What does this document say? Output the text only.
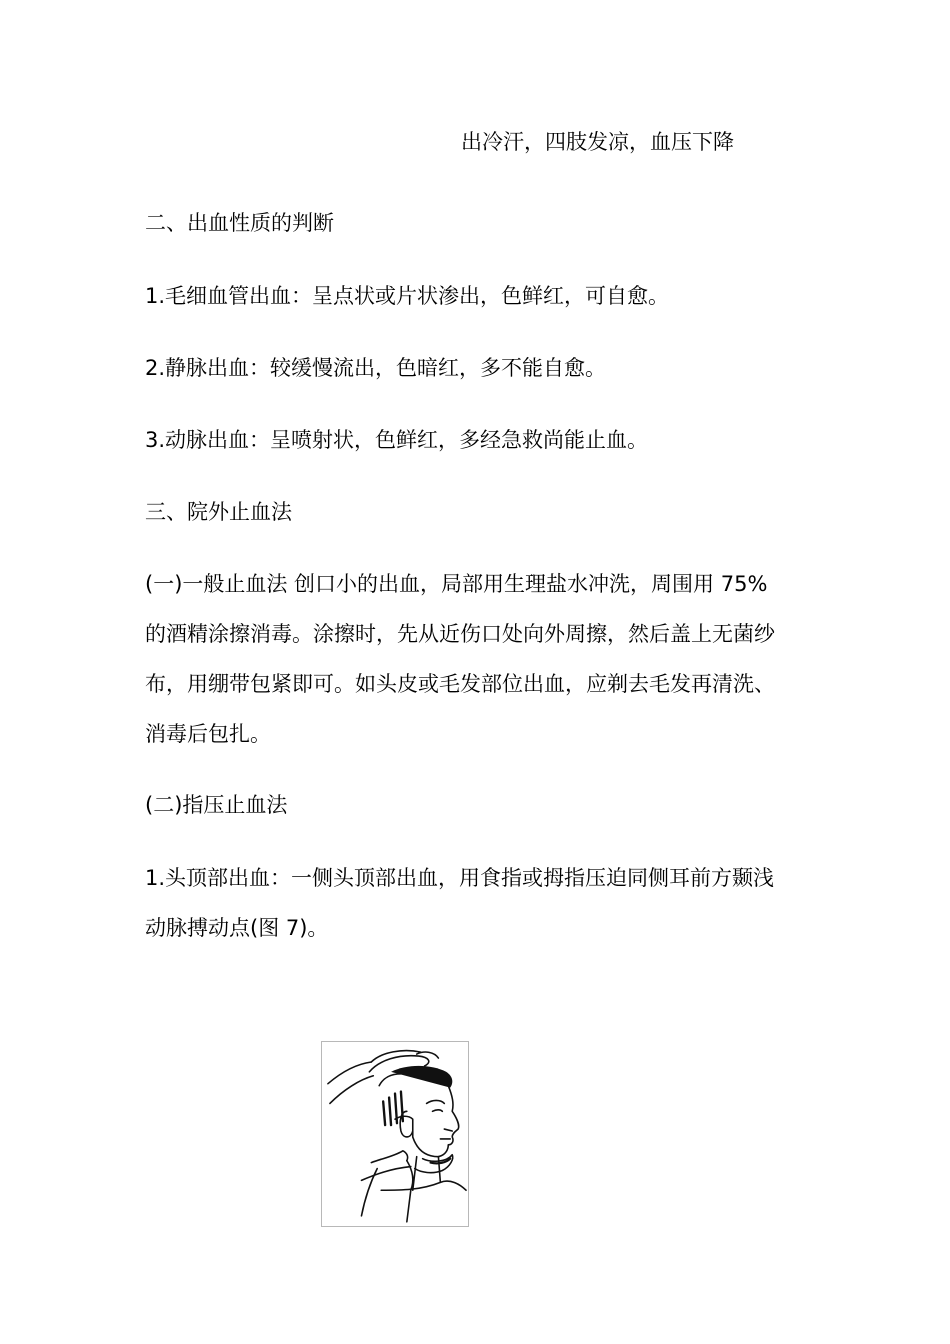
出冷汗，四肢发凉，血压下降

二、出血性质的判断

1.毛细血管出血：呈点状或片状渗出，色鲜红，可自愈。

2.静脉出血：较缓慢流出，色暗红，多不能自愈。

3.动脉出血：呈喷射状，色鲜红，多经急救尚能止血。

三、院外止血法

(一)一般止血法 创口小的出血，局部用生理盐水冲洗，周围用 75%
的酒精涂擦消毒。涂擦时，先从近伤口处向外周擦，然后盖上无菌纱
布，用绷带包紧即可。如头皮或毛发部位出血，应剃去毛发再清洗、
消毒后包扎。

(二)指压止血法

1.头顶部出血：一侧头顶部出血，用食指或拇指压迫同侧耳前方颞浅
动脉搏动点(图 7)。
